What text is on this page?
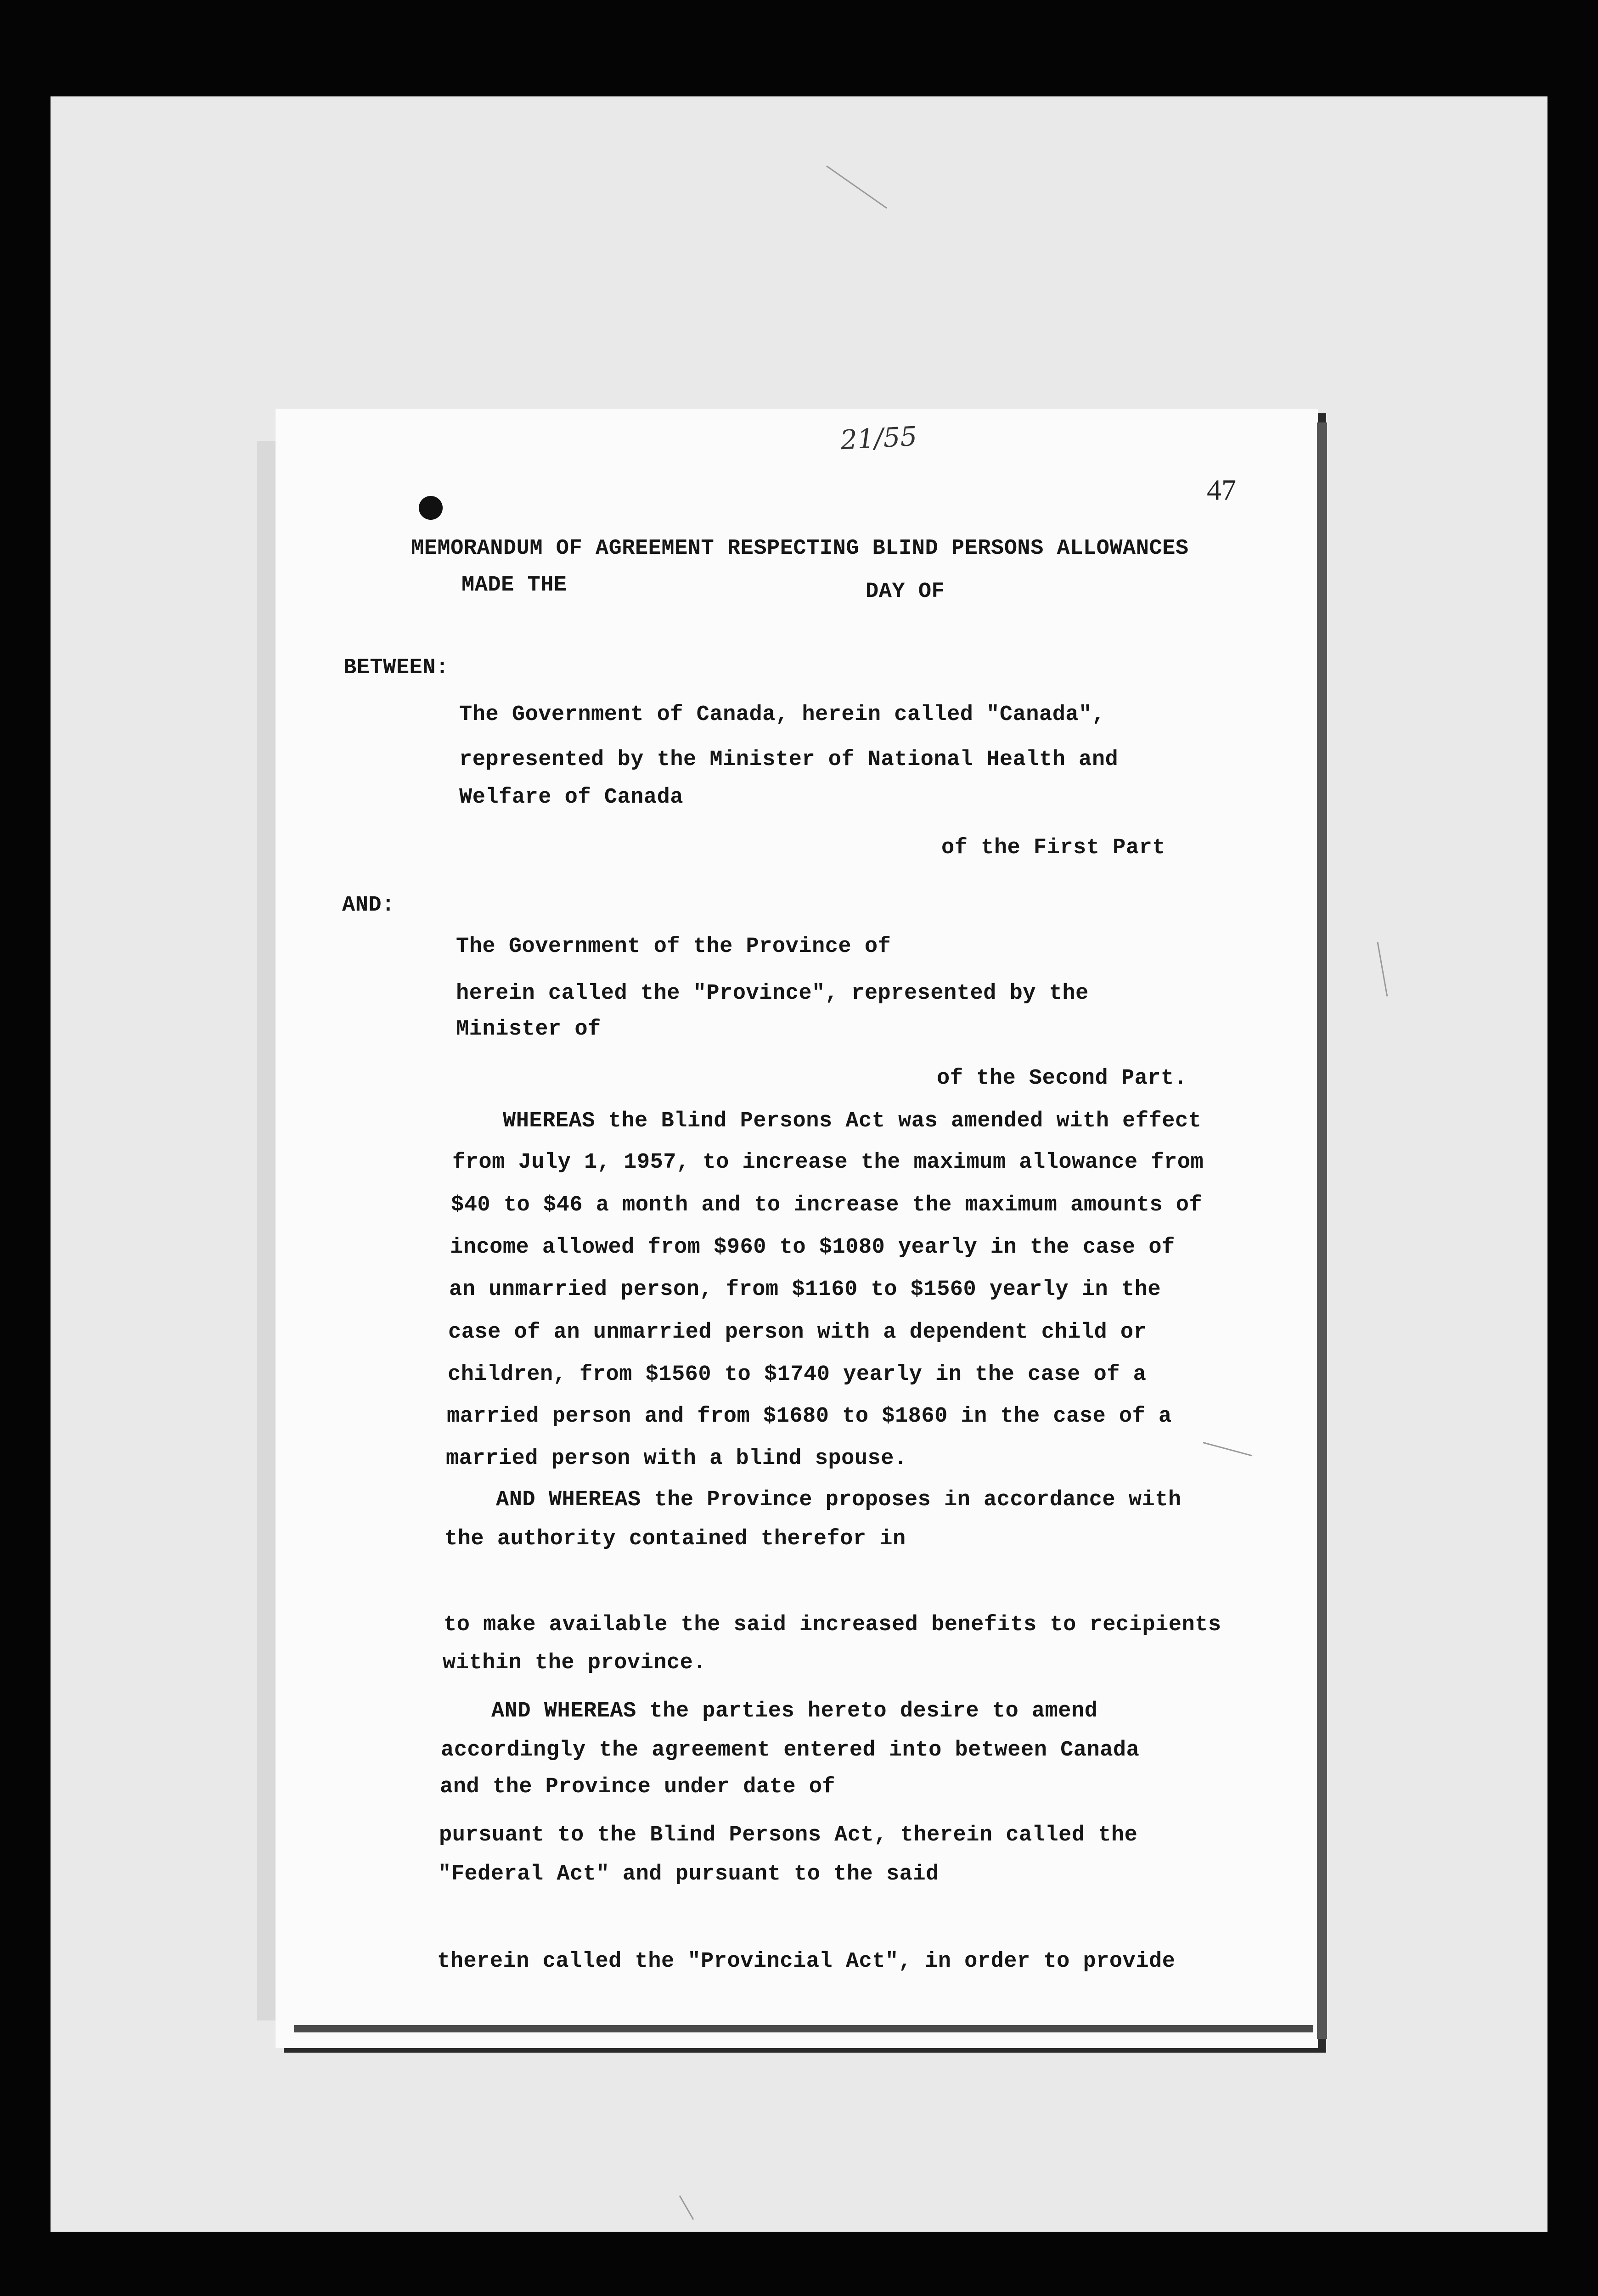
21/55
47
MEMORANDUM OF AGREEMENT RESPECTING BLIND PERSONS ALLOWANCES
MADE THE	DAY OF
BETWEEN:
The Government of Canada, herein called "Canada",
represented by the Minister of National Health and
Welfare of Canada
of the First Part
AND:
The Government of the Province of
herein called the "Province", represented by the
Minister of
of the Second Part.
WHEREAS the Blind Persons Act was amended with effect
from July 1, 1957, to increase the maximum allowance from
$40 to $46 a month and to increase the maximum amounts of
income allowed from $960 to $1080 yearly in the case of
an unmarried person, from $1160 to $1560 yearly in the
case of an unmarried person with a dependent child or
children, from $1560 to $1740 yearly in the case of a
married person and from $1680 to $1860 in the case of a
married person with a blind spouse.
AND WHEREAS the Province proposes in accordance with
the authority contained therefor in
to make available the said increased benefits to recipients
within the province.
AND WHEREAS the parties hereto desire to amend
accordingly the agreement entered into between Canada
and the Province under date of
pursuant to the Blind Persons Act, therein called the
"Federal Act" and pursuant to the said
therein called the "Provincial Act", in order to provide
